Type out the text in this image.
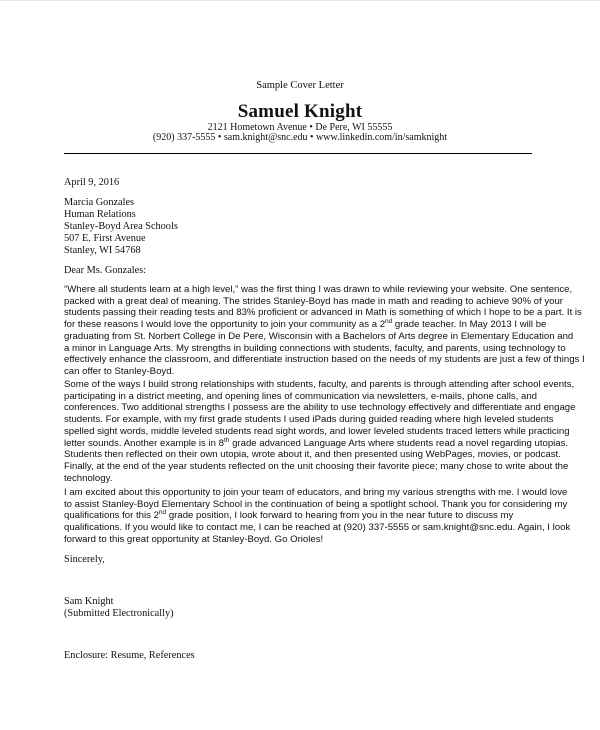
Sample Cover Letter
Samuel Knight
2121 Hometown Avenue • De Pere, WI 55555
(920) 337-5555 • sam.knight@snc.edu • www.linkedin.com/in/samknight
April 9, 2016
Marcia Gonzales
Human Relations
Stanley-Boyd Area Schools
507 E. First Avenue
Stanley, WI 54768
Dear Ms. Gonzales:
“Where all students learn at a high level,” was the first thing I was drawn to while reviewing your website. One sentence,
packed with a great deal of meaning. The strides Stanley-Boyd has made in math and reading to achieve 90% of your
students passing their reading tests and 83% proficient or advanced in Math is something of which I hope to be a part. It is
for these reasons I would love the opportunity to join your community as a 2nd grade teacher. In May 2013 I will be
graduating from St. Norbert College in De Pere, Wisconsin with a Bachelors of Arts degree in Elementary Education and
a minor in Language Arts. My strengths in building connections with students, faculty, and parents, using technology to
effectively enhance the classroom, and differentiate instruction based on the needs of my students are just a few of things I
can offer to Stanley-Boyd.
Some of the ways I build strong relationships with students, faculty, and parents is through attending after school events,
participating in a district meeting, and opening lines of communication via newsletters, e-mails, phone calls, and
conferences. Two additional strengths I possess are the ability to use technology effectively and differentiate and engage
students. For example, with my first grade students I used iPads during guided reading where high leveled students
spelled sight words, middle leveled students read sight words, and lower leveled students traced letters while practicing
letter sounds. Another example is in 8th grade advanced Language Arts where students read a novel regarding utopias.
Students then reflected on their own utopia, wrote about it, and then presented using WebPages, movies, or podcast.
Finally, at the end of the year students reflected on the unit choosing their favorite piece; many chose to write about the
technology.
I am excited about this opportunity to join your team of educators, and bring my various strengths with me. I would love
to assist Stanley-Boyd Elementary School in the continuation of being a spotlight school. Thank you for considering my
qualifications for this 2nd grade position, I look forward to hearing from you in the near future to discuss my
qualifications. If you would like to contact me, I can be reached at (920) 337-5555 or sam.knight@snc.edu. Again, I look
forward to this great opportunity at Stanley-Boyd. Go Orioles!
Sincerely,
Sam Knight
(Submitted Electronically)
Enclosure: Resume, References
